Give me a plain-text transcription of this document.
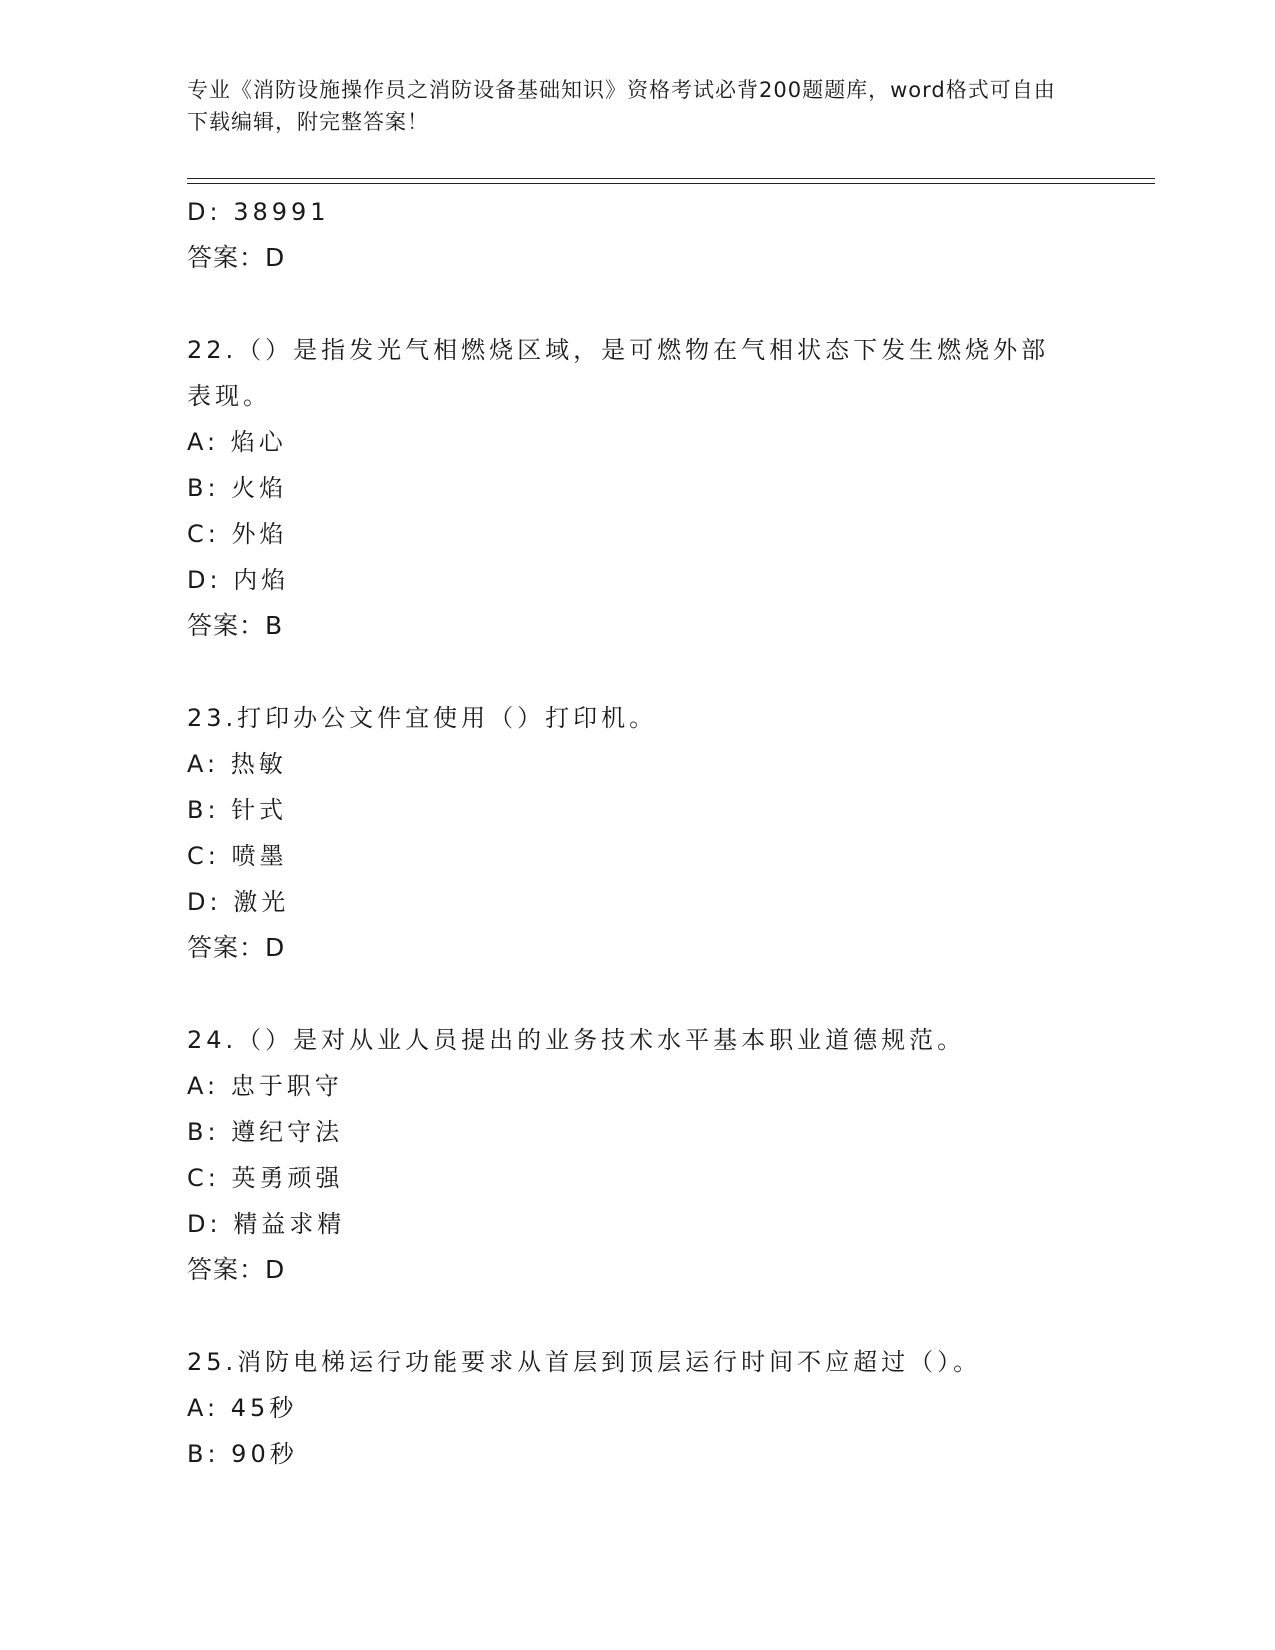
专业《消防设施操作员之消防设备基础知识》资格考试必背200题题库，word格式可自由下载编辑，附完整答案！
D: 38991
答案：D
22.（）是指发光气相燃烧区域，是可燃物在气相状态下发生燃烧外部表现。
A: 焰心
B: 火焰
C: 外焰
D: 内焰
答案：B
23.打印办公文件宜使用（）打印机。
A: 热敏
B: 针式
C: 喷墨
D: 激光
答案：D
24.（）是对从业人员提出的业务技术水平基本职业道德规范。
A: 忠于职守
B: 遵纪守法
C: 英勇顽强
D: 精益求精
答案：D
25.消防电梯运行功能要求从首层到顶层运行时间不应超过（）。
A: 45秒
B: 90秒
